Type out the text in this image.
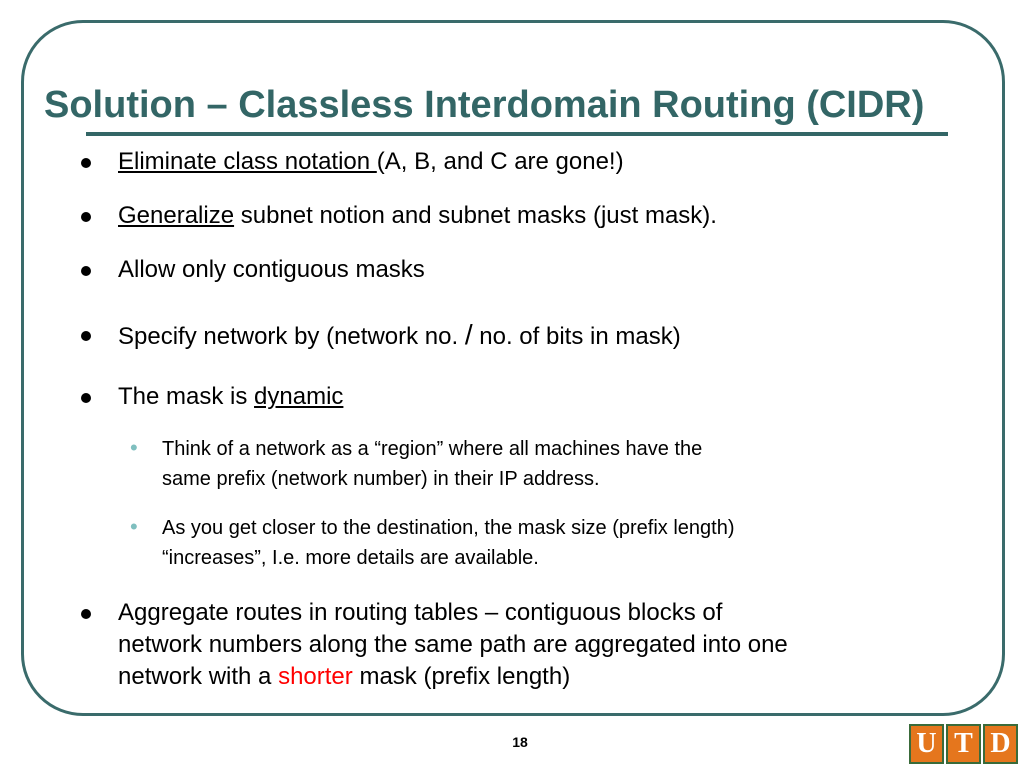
Solution – Classless Interdomain Routing (CIDR)
Eliminate class notation (A, B, and C are gone!)
Generalize subnet notion and subnet masks (just mask).
Allow only contiguous masks
Specify network by (network no. / no. of bits in mask)
The mask is dynamic
• Think of a network as a “region” where all machines have the
same prefix (network number) in their IP address.
• As you get closer to the destination, the mask size (prefix length)
“increases”, I.e. more details are available.
Aggregate routes in routing tables – contiguous blocks of
network numbers along the same path are aggregated into one
network with a shorter mask (prefix length)
18	U T D
